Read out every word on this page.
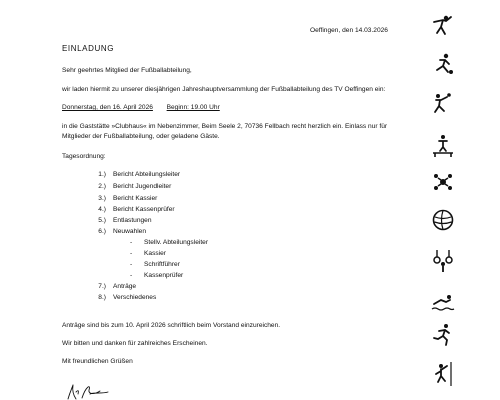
Oeffingen, den 14.03.2026
EINLADUNG
Sehr geehrtes Mitglied der Fußballabteilung,
wir laden hiermit zu unserer diesjährigen Jahreshauptversammlung der Fußballabteilung des TV Oeffingen ein:
Donnerstag, den 16. April 2026 Beginn: 19.00 Uhr
in die Gaststätte »Clubhaus« im Nebenzimmer, Beim Seele 2, 70736 Fellbach recht herzlich ein. Einlass nur für
Mitglieder der Fußballabteilung, oder geladene Gäste.
Tagesordnung:
1.) Bericht Abteilungsleiter
2.) Bericht Jugendleiter
3.) Bericht Kassier
4.) Bericht Kassenprüfer
5.) Entlastungen
6.) Neuwahlen
- Stellv. Abteilungsleiter
- Kassier
- Schriftführer
- Kassenprüfer
7.) Anträge
8.) Verschiedenes
Anträge sind bis zum 10. April 2026 schriftlich beim Vorstand einzureichen.
Wir bitten und danken für zahlreiches Erscheinen.
Mit freundlichen Grüßen
